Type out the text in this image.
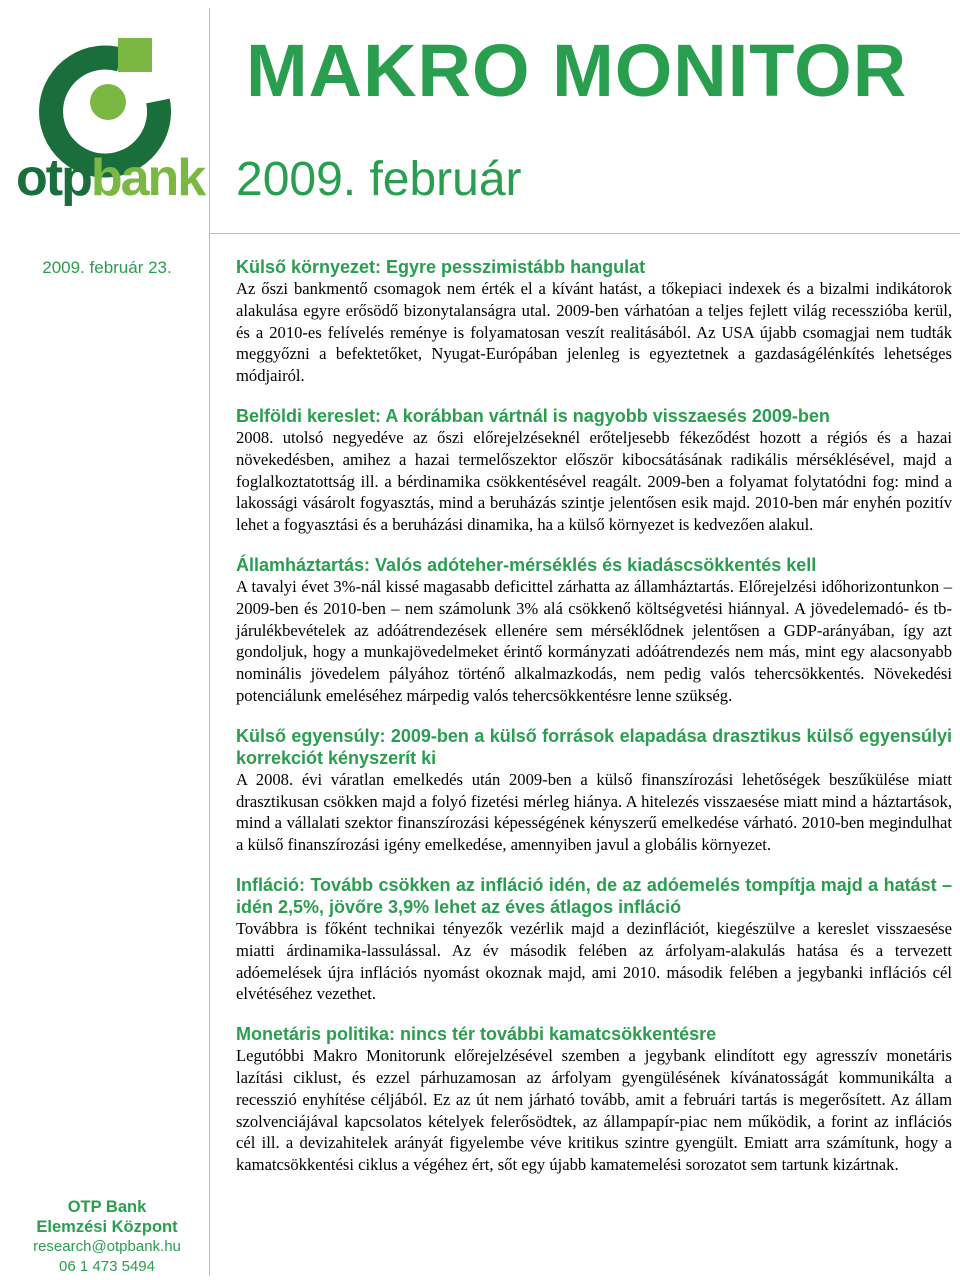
otpbank
MAKRO MONITOR
2009. február
2009. február 23.	Külső környezet: Egyre pesszimistább hangulat

Az őszi bankmentő csomagok nem érték el a kívánt hatást, a tőkepiaci indexek és a bizalmi indikátorok alakulása egyre erősödő bizonytalanságra utal. 2009-ben várhatóan a teljes fejlett világ recesszióba kerül, és a 2010-es felívelés reménye is folyamatosan veszít realitásából. Az USA újabb csomagjai nem tudták meggyőzni a befektetőket, Nyugat-Európában jelenleg is egyeztetnek a gazdaságélénkítés lehetséges módjairól.

Belföldi kereslet: A korábban vártnál is nagyobb visszaesés 2009-ben

2008. utolsó negyedéve az őszi előrejelzéseknél erőteljesebb fékeződést hozott a régiós és a hazai növekedésben, amihez a hazai termelőszektor először kibocsátásának radikális mérséklésével, majd a foglalkoztatottság ill. a bérdinamika csökkentésével reagált. 2009-ben a folyamat folytatódni fog: mind a lakossági vásárolt fogyasztás, mind a beruházás szintje jelentősen esik majd. 2010-ben már enyhén pozitív lehet a fogyasztási és a beruházási dinamika, ha a külső környezet is kedvezően alakul.

Államháztartás: Valós adóteher-mérséklés és kiadáscsökkentés kell

A tavalyi évet 3%-nál kissé magasabb deficittel zárhatta az államháztartás. Előrejelzési időhorizontunkon – 2009-ben és 2010-ben – nem számolunk 3% alá csökkenő költségvetési hiánnyal. A jövedelemadó- és tb-járulékbevételek az adóátrendezések ellenére sem mérséklődnek jelentősen a GDP-arányában, így azt gondoljuk, hogy a munkajövedelmeket érintő kormányzati adóátrendezés nem más, mint egy alacsonyabb nominális jövedelem pályához történő alkalmazkodás, nem pedig valós tehercsökkentés. Növekedési potenciálunk emeléséhez márpedig valós tehercsökkentésre lenne szükség.

Külső egyensúly: 2009-ben a külső források elapadása drasztikus külső egyensúlyi korrekciót kényszerít ki

A 2008. évi váratlan emelkedés után 2009-ben a külső finanszírozási lehetőségek beszűkülése miatt drasztikusan csökken majd a folyó fizetési mérleg hiánya. A hitelezés visszaesése miatt mind a háztartások, mind a vállalati szektor finanszírozási képességének kényszerű emelkedése várható. 2010-ben megindulhat a külső finanszírozási igény emelkedése, amennyiben javul a globális környezet.

Infláció: Tovább csökken az infláció idén, de az adóemelés tompítja majd a hatást – idén 2,5%, jövőre 3,9% lehet az éves átlagos infláció

Továbbra is főként technikai tényezők vezérlik majd a dezinflációt, kiegészülve a kereslet visszaesése miatti árdinamika-lassulással. Az év második felében az árfolyam-alakulás hatása és a tervezett adóemelések újra inflációs nyomást okoznak majd, ami 2010. második felében a jegybanki inflációs cél elvétéséhez vezethet.

Monetáris politika: nincs tér további kamatcsökkentésre

Legutóbbi Makro Monitorunk előrejelzésével szemben a jegybank elindított egy agresszív monetáris lazítási ciklust, és ezzel párhuzamosan az árfolyam gyengülésének kívánatosságát kommunikálta a recesszió enyhítése céljából. Ez az út nem járható tovább, amit a februári tartás is megerősített. Az állam szolvenciájával kapcsolatos kételyek felerősödtek, az állampapír-piac nem működik, a forint az inflációs cél ill. a devizahitelek arányát figyelembe véve kritikus szintre gyengült. Emiatt arra számítunk, hogy a kamatcsökkentési ciklus a végéhez ért, sőt egy újabb kamatemelési sorozatot sem tartunk kizártnak.

OTP Bank
Elemzési Központ
research@otpbank.hu
06 1 473 5494
